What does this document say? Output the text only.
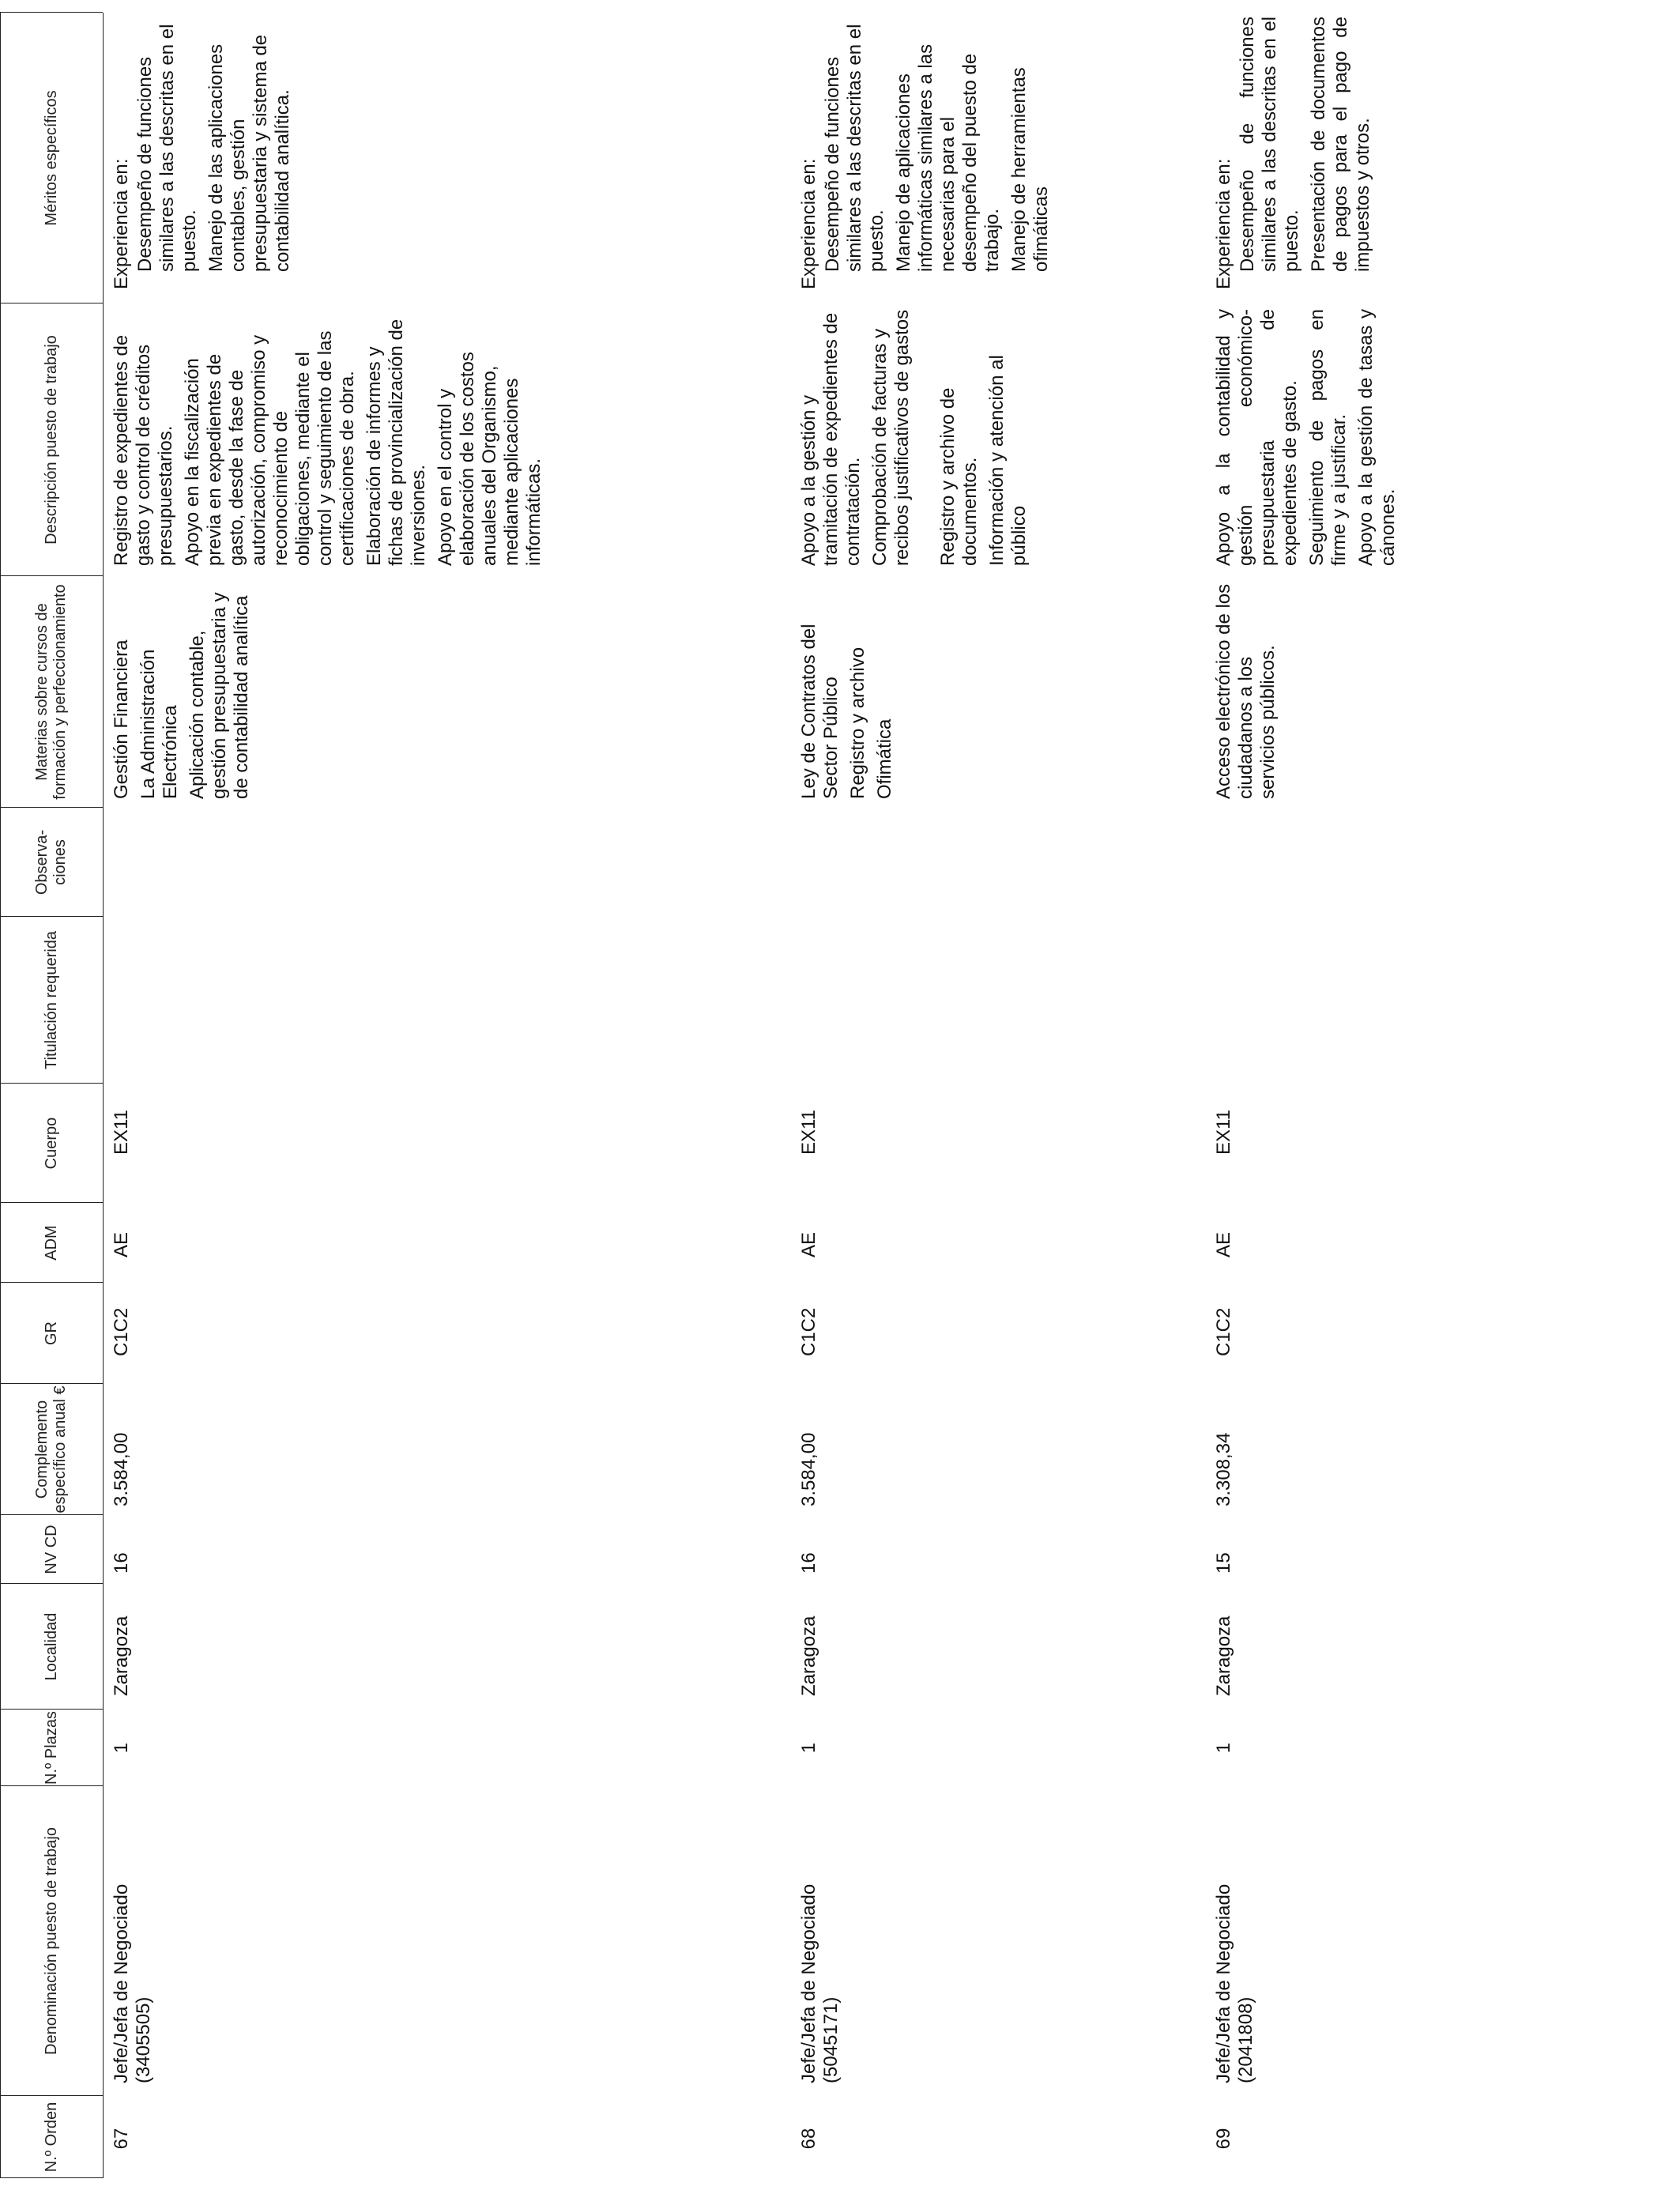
N.º Orden
Denominación puesto de trabajo
N.º Plazas
Localidad
NV CD
Complemento específico anual €
GR
ADM
Cuerpo
Titulación requerida
Observa- ciones
Materias sobre cursos de formación y perfeccionamiento
Descripción puesto de trabajo
Méritos específicos
67
Jefe/Jefa de Negociado (3405505)
1
Zaragoza
16
3.584,00
C1C2
AE
EX11

Gestión Financiera La Administración Electrónica Aplicación contable, gestión presupuestaria y de contabilidad analítica

Registro de expedientes de gasto y control de créditos presupuestarios. Apoyo en la fiscalización previa en expedientes de gasto, desde la fase de autorización, compromiso y reconocimiento de obligaciones, mediante el control y seguimiento de las certificaciones de obra. Elaboración de informes y fichas de provincialización de inversiones. Apoyo en el control y elaboración de los costos anuales del Organismo, mediante aplicaciones informáticas.

Experiencia en: Desempeño de funciones similares a las descritas en el puesto. Manejo de las aplicaciones contables, gestión presupuestaria y sistema de contabilidad analítica.
68
Jefe/Jefa de Negociado (5045171)
1
Zaragoza
16
3.584,00
C1C2
AE
EX11

Ley de Contratos del Sector Público Registro y archivo Ofimática

Apoyo a la gestión y tramitación de expedientes de contratación. Comprobación de facturas y recibos justificativos de gastos Registro y archivo de documentos. Información y atención al público

Experiencia en: Desempeño de funciones similares a las descritas en el puesto. Manejo de aplicaciones informáticas similares a las necesarias para el desempeño del puesto de trabajo. Manejo de herramientas ofimáticas
69
Jefe/Jefa de Negociado (2041808)
1
Zaragoza
15
3.308,34
C1C2
AE
EX11

Acceso electrónico de los ciudadanos a los servicios públicos.

Apoyo a la contabilidad y gestión económico-presupuestaria de expedientes de gasto. Seguimiento de pagos en firme y a justificar. Apoyo a la gestión de tasas y cánones.

Experiencia en: Desempeño de funciones similares a las descritas en el puesto. Presentación de documentos de pagos para el pago de impuestos y otros.
